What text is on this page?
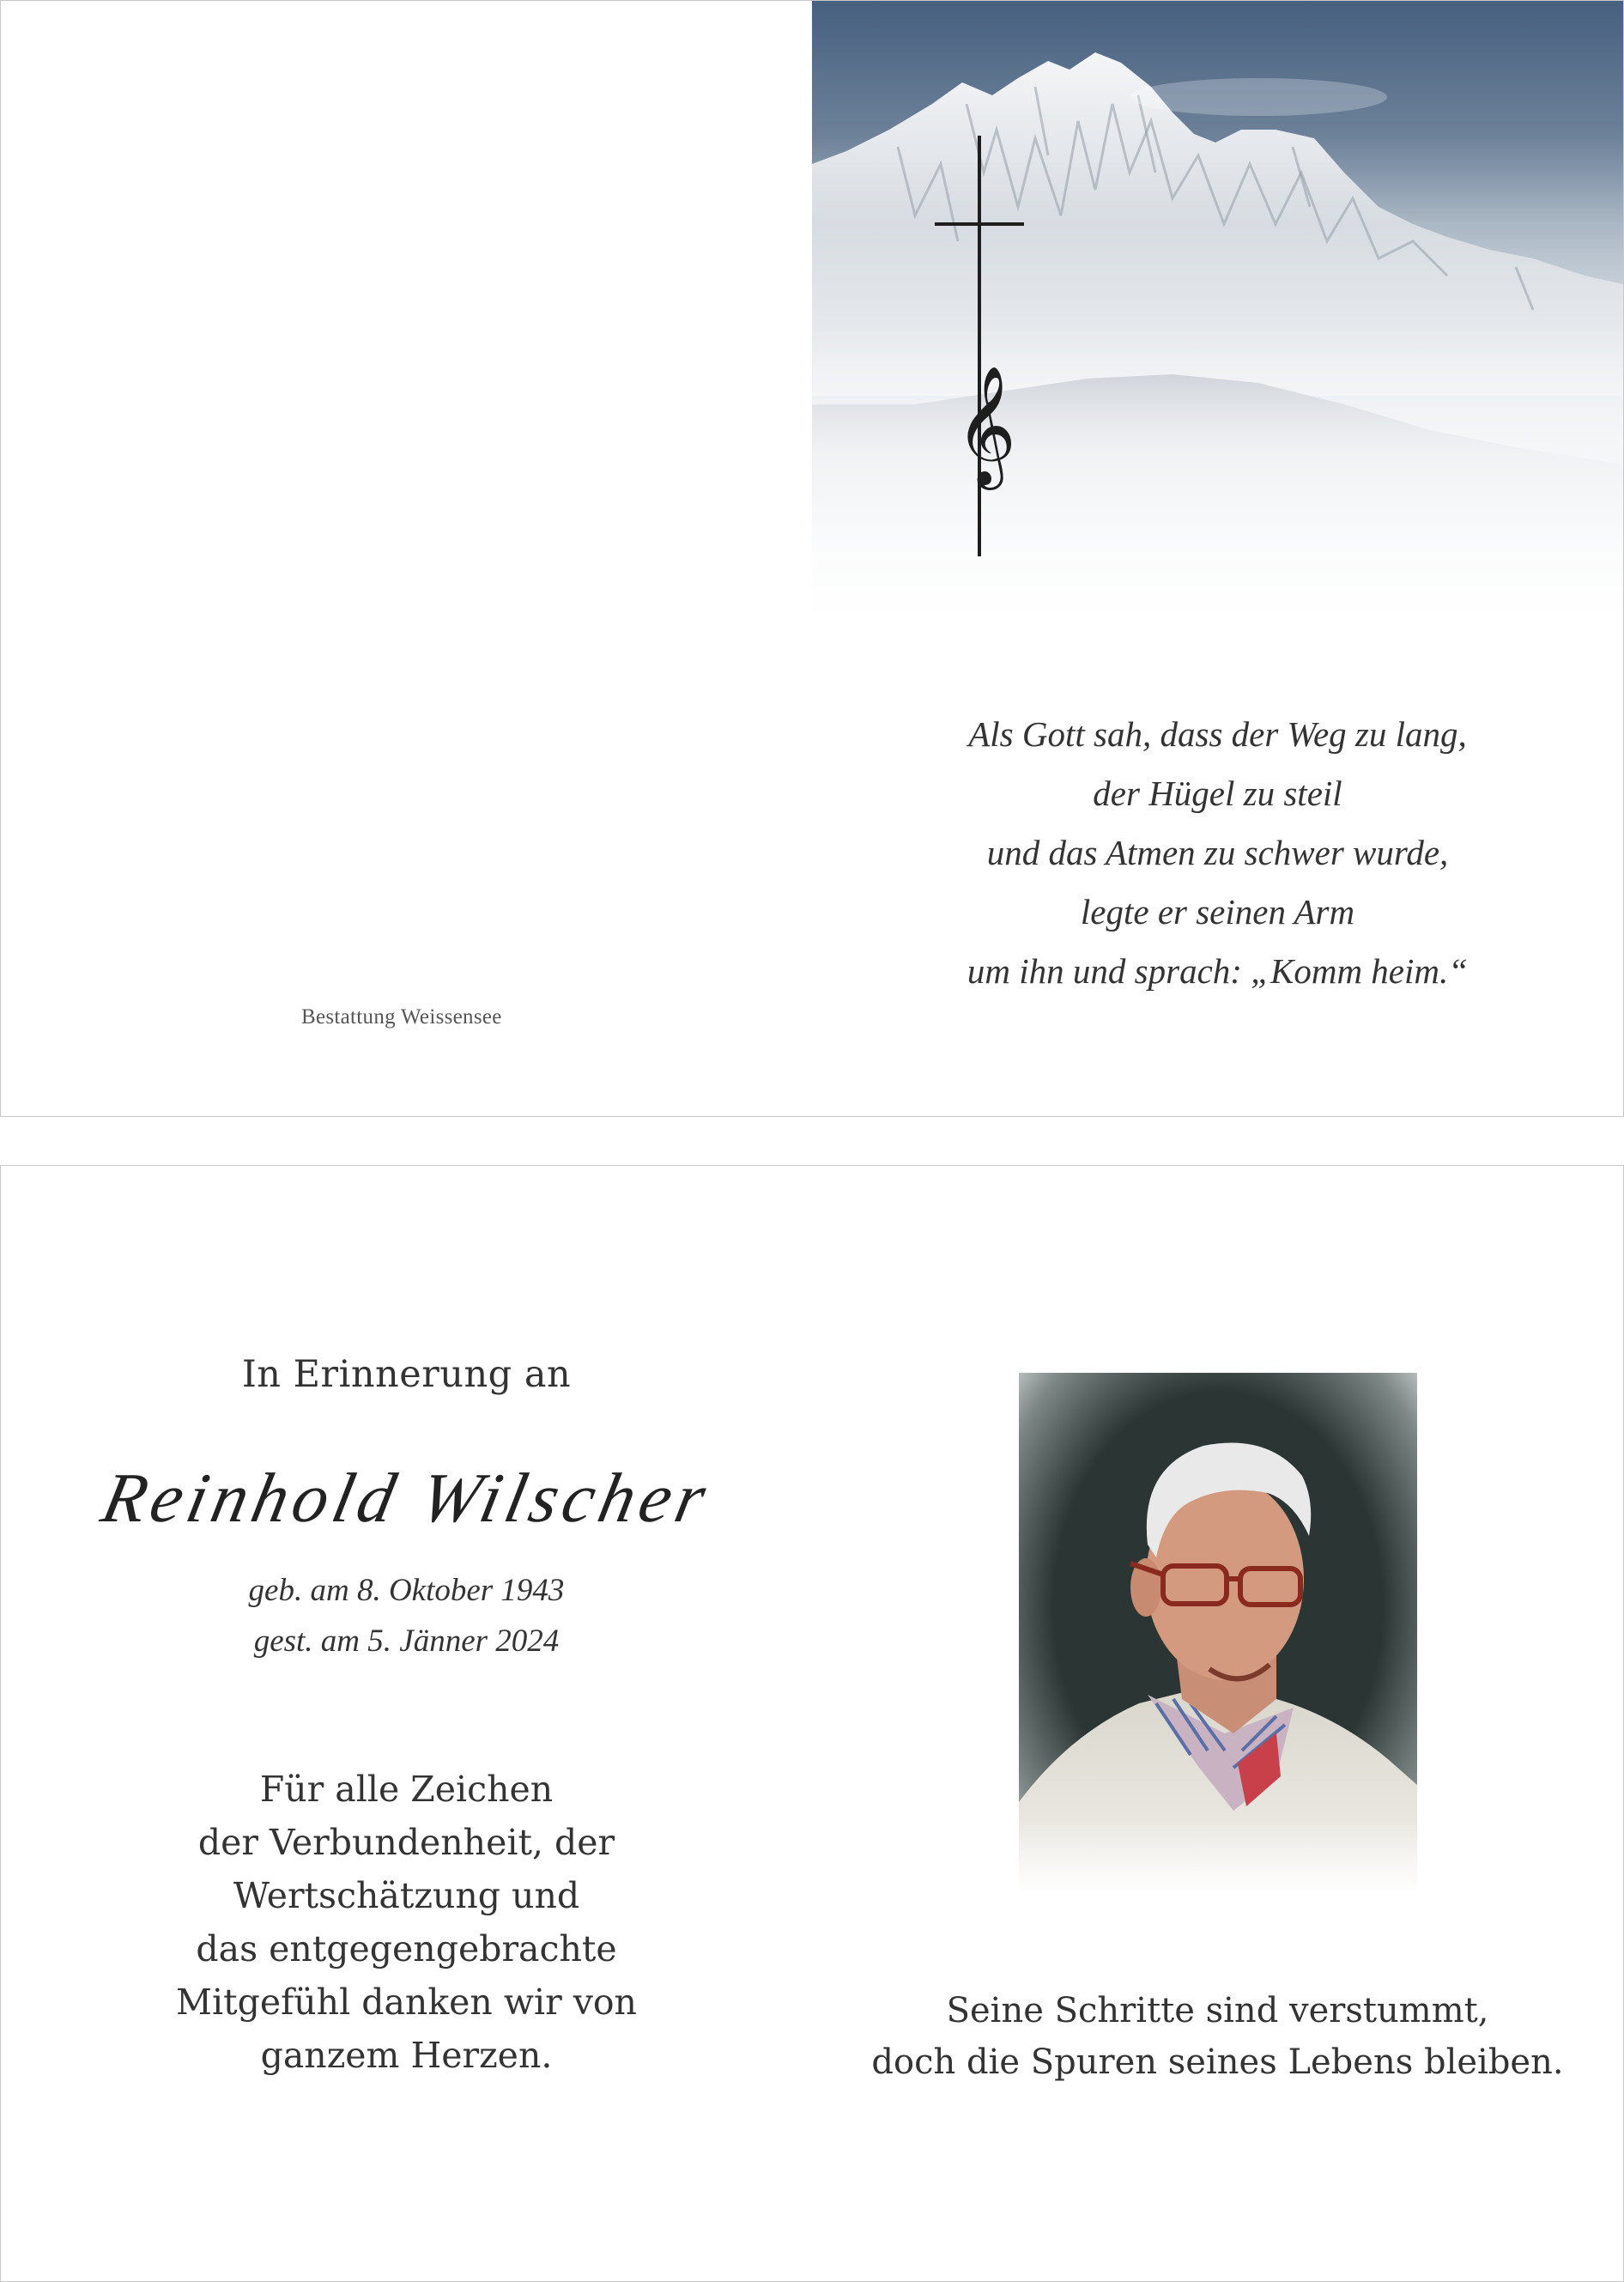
𝄞
Als Gott sah, dass der Weg zu lang,
der Hügel zu steil
und das Atmen zu schwer wurde,
legte er seinen Arm
um ihn und sprach: „Komm heim.“
Bestattung Weissensee
In Erinnerung an
Reinhold Wilscher
geb. am 8. Oktober 1943
gest. am 5. Jänner 2024
Für alle Zeichen
der Verbundenheit, der
Wertschätzung und
das entgegengebrachte
Mitgefühl danken wir von
ganzem Herzen.
Seine Schritte sind verstummt,
doch die Spuren seines Lebens bleiben.
